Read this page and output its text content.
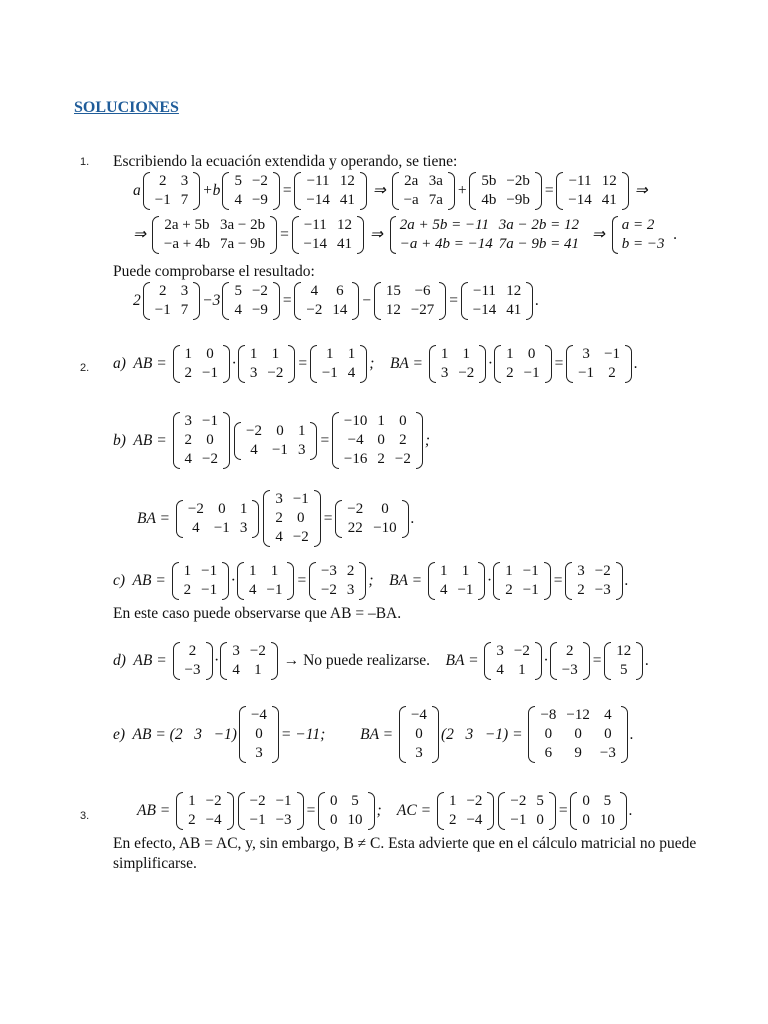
SOLUCIONES
1. Escribiendo la ecuación extendida y operando, se tiene:
a
2	3
−1	7
+b
5	−2
4	−9
=
−11	12
−14	41
⇒
2a	3a
−a	7a
+
5b	−2b
4b	−9b
=
−11	12
−14	41
⇒
⇒
2a + 5b	3a − 2b
−a + 4b	7a − 9b
=
−11	12
−14	41
⇒
2a + 5b = −11	3a − 2b = 12
−a + 4b = −14	7a − 9b = 41
⇒
a = 2
b = −3
.
Puede comprobarse el resultado:
2
2	3
−1	7
−3
5	−2
4	−9
=
4	6
−2	14
−
15	−6
12	−27
=
−11	12
−14	41
.
2. a)  AB =
1	0
2	−1
·
1	1
3	−2
=
1	1
−1	4
;    BA =
1	1
3	−2
·
1	0
2	−1
=
3	−1
−1	2
.
b)  AB =
3	−1
2	0
4	−2
−2	0	1
4	−1	3
=
−10	1	0
−4	0	2
−16	2	−2
;
BA =
−2	0	1
4	−1	3
3	−1
2	0
4	−2
=
−2	0
22	−10
.
c)  AB =
1	−1
2	−1
·
1	1
4	−1
=
−3	2
−2	3
;    BA =
1	1
4	−1
·
1	−1
2	−1
=
3	−2
2	−3
.
En este caso puede observarse que AB = –BA.
d)  AB =
2
−3
·
3	−2
4	1
→ No puede realizarse. BA =
3	−2
4	1
·
2
−3
=
12
5
.
e)  AB = (2   3   −1)
−4
0
3
= −11;         BA =
−4
0
3
(2   3   −1) =
−8	−12	4
0	0	0
6	9	−3
.
3.	AB =
1	−2
2	−4
−2	−1
−1	−3
=
0	5
0	10
;    AC =
1	−2
2	−4
−2	5
−1	0
=
0	5
0	10
.
En efecto, AB = AC, y, sin embargo, B ≠ C. Esta advierte que en el cálculo matricial no puede
simplificarse.
